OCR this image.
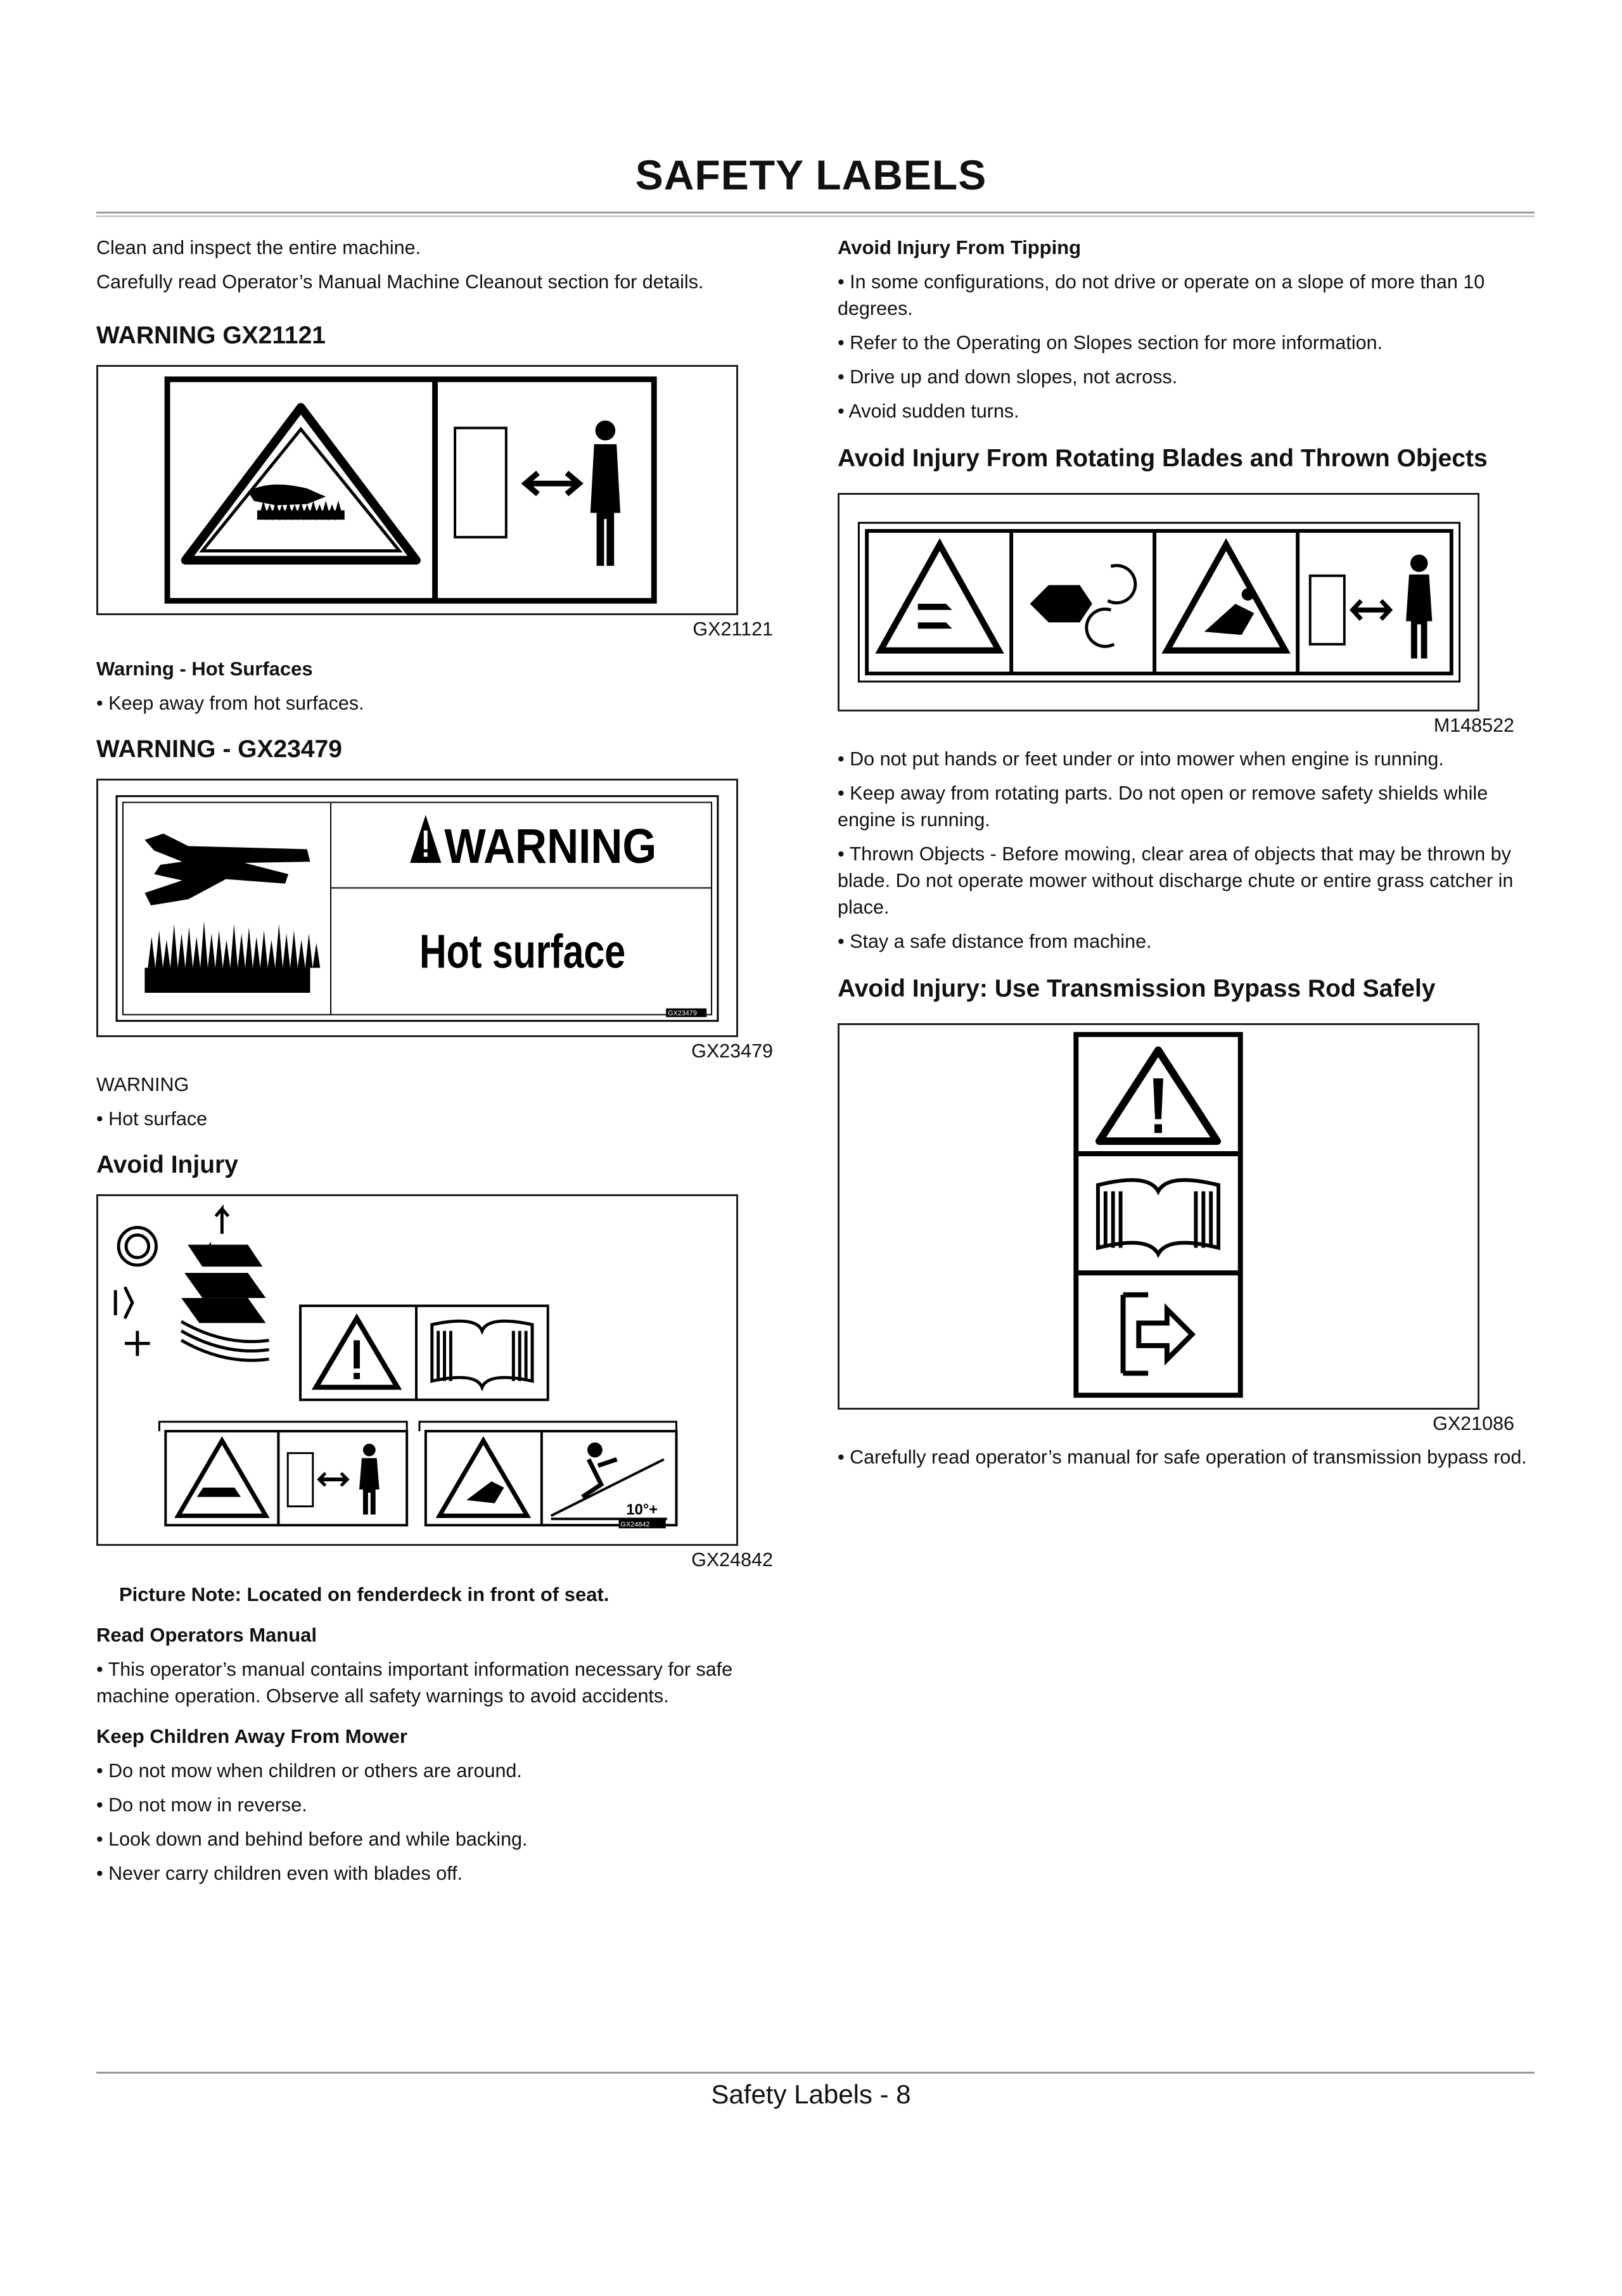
SAFETY LABELS

Clean and inspect the entire machine.

Carefully read Operator’s Manual Machine Cleanout section for details.

WARNING GX21121
GX21121
Warning - Hot Surfaces

• Keep away from hot surfaces.

WARNING - GX23479
WARNING
Hot surface
GX23479
GX23479

WARNING

• Hot surface

Avoid Injury
10°+
GX24842
GX24842

Picture Note: Located on fenderdeck in front of seat.

Read Operators Manual

• This operator’s manual contains important information necessary for safe machine operation. Observe all safety warnings to avoid accidents.

Keep Children Away From Mower

• Do not mow when children or others are around.

• Do not mow in reverse.

• Look down and behind before and while backing.

• Never carry children even with blades off.

Avoid Injury From Tipping

• In some configurations, do not drive or operate on a slope of more than 10 degrees.

• Refer to the Operating on Slopes section for more information.

• Drive up and down slopes, not across.

• Avoid sudden turns.

Avoid Injury From Rotating Blades and Thrown Objects
M148522

• Do not put hands or feet under or into mower when engine is running.

• Keep away from rotating parts. Do not open or remove safety shields while engine is running.

• Thrown Objects - Before mowing, clear area of objects that may be thrown by blade. Do not operate mower without discharge chute or entire grass catcher in place.

• Stay a safe distance from machine.

Avoid Injury: Use Transmission Bypass Rod Safely
GX21086

• Carefully read operator’s manual for safe operation of transmission bypass rod.

Safety Labels - 8
